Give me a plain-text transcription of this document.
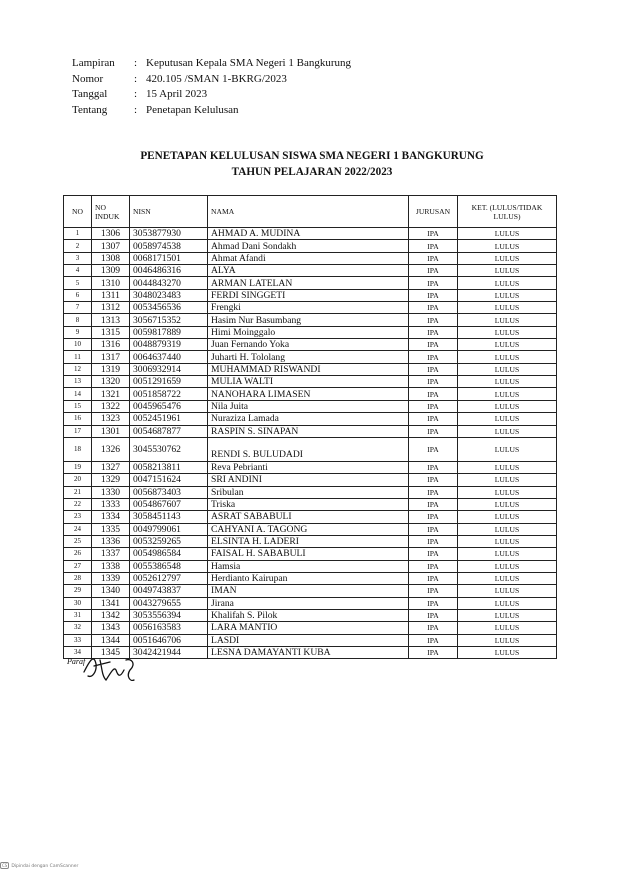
Lampiran	: Keputusan Kepala SMA Negeri 1 Bangkurung
Nomor	: 420.105 /SMAN 1-BKRG/2023
Tanggal	: 15 April 2023
Tentang	: Penetapan Kelulusan
PENETAPAN KELULUSAN SISWA SMA NEGERI 1 BANGKURUNG
TAHUN PELAJARAN 2022/2023
NO	NO INDUK	NISN	NAMA	JURUSAN	KET. (LULUS/TIDAK LULUS)
1	1306	3053877930	AHMAD A. MUDINA	IPA	LULUS
2	1307	0058974538	Ahmad Dani Sondakh	IPA	LULUS
3	1308	0068171501	Ahmat Afandi	IPA	LULUS
4	1309	0046486316	ALYA	IPA	LULUS
5	1310	0044843270	ARMAN LATELAN	IPA	LULUS
6	1311	3048023483	FERDI SINGGETI	IPA	LULUS
7	1312	0053456536	Frengki	IPA	LULUS
8	1313	3056715352	Hasim Nur Basumbang	IPA	LULUS
9	1315	0059817889	Himi Moinggalo	IPA	LULUS
10	1316	0048879319	Juan Fernando Yoka	IPA	LULUS
11	1317	0064637440	Juharti H. Tololang	IPA	LULUS
12	1319	3006932914	MUHAMMAD RISWANDI	IPA	LULUS
13	1320	0051291659	MULIA WALTI	IPA	LULUS
14	1321	0051858722	NANOHARA LIMASEN	IPA	LULUS
15	1322	0045965476	Nila Juita	IPA	LULUS
16	1323	0052451961	Nuraziza Lamada	IPA	LULUS
17	1301	0054687877	RASPIN S. SINAPAN	IPA	LULUS
18	1326	3045530762	RENDI S. BULUDADI	IPA	LULUS
19	1327	0058213811	Reva Pebrianti	IPA	LULUS
20	1329	0047151624	SRI ANDINI	IPA	LULUS
21	1330	0056873403	Sribulan	IPA	LULUS
22	1333	0054867607	Triska	IPA	LULUS
23	1334	3058451143	ASRAT SABABULI	IPA	LULUS
24	1335	0049799061	CAHYANI A. TAGONG	IPA	LULUS
25	1336	0053259265	ELSINTA H. LADERI	IPA	LULUS
26	1337	0054986584	FAISAL H. SABABULI	IPA	LULUS
27	1338	0055386548	Hamsia	IPA	LULUS
28	1339	0052612797	Herdianto Kairupan	IPA	LULUS
29	1340	0049743837	IMAN	IPA	LULUS
30	1341	0043279655	Jirana	IPA	LULUS
31	1342	3053556394	Khalifah S. Pilok	IPA	LULUS
32	1343	0056163583	LARA MANTIO	IPA	LULUS
33	1344	0051646706	LASDI	IPA	LULUS
34	1345	3042421944	LESNA DAMAYANTI KUBA	IPA	LULUS
Paraf
CS Dipindai dengan CamScanner
